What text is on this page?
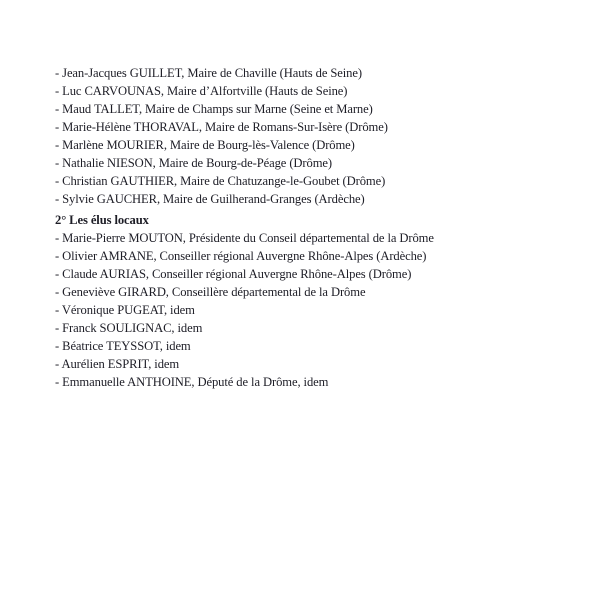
- Jean-Jacques GUILLET, Maire de Chaville (Hauts de Seine)
- Luc CARVOUNAS, Maire d’Alfortville (Hauts de Seine)
- Maud TALLET, Maire de Champs sur Marne (Seine et Marne)
- Marie-Hélène THORAVAL, Maire de Romans-Sur-Isère (Drôme)
- Marlène MOURIER, Maire de Bourg-lès-Valence (Drôme)
- Nathalie NIESON, Maire de Bourg-de-Péage (Drôme)
- Christian GAUTHIER, Maire de Chatuzange-le-Goubet (Drôme)
- Sylvie GAUCHER, Maire de Guilherand-Granges (Ardèche)
2° Les élus locaux
- Marie-Pierre MOUTON, Présidente du Conseil départemental de la Drôme
- Olivier AMRANE, Conseiller régional Auvergne Rhône-Alpes (Ardèche)
- Claude AURIAS, Conseiller régional Auvergne Rhône-Alpes (Drôme)
- Geneviève GIRARD, Conseillère départemental de la Drôme
- Véronique PUGEAT, idem
- Franck SOULIGNAC, idem
- Béatrice TEYSSOT, idem
- Aurélien ESPRIT, idem
- Emmanuelle ANTHOINE, Député de la Drôme, idem
